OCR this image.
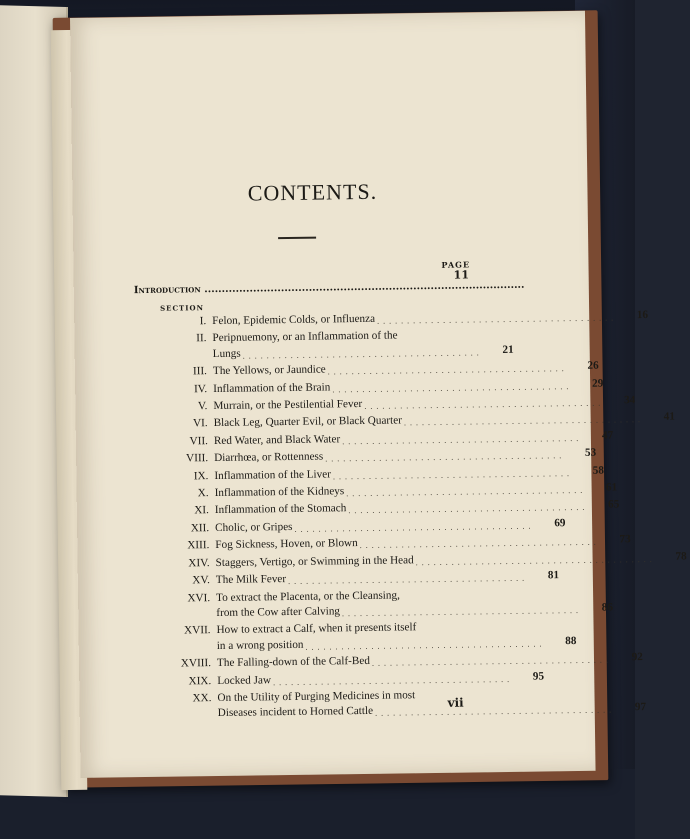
CONTENTS.
PAGE
11
Introduction ............................................................................................
SECTION
I. Felon, Epidemic Colds, or Influenza . . . . . . . . . . . . . . . . . . . . . . . . . . . . . . . . . . . . . . . .	16
II. Peripnuemony, or an Inflammation of the
Lungs . . . . . . . . . . . . . . . . . . . . . . . . . . . . . . . . . . . . . . . .	21
III. The Yellows, or Jaundice . . . . . . . . . . . . . . . . . . . . . . . . . . . . . . . . . . . . . . . .	26
IV. Inflammation of the Brain . . . . . . . . . . . . . . . . . . . . . . . . . . . . . . . . . . . . . . . .	29
V. Murrain, or the Pestilential Fever . . . . . . . . . . . . . . . . . . . . . . . . . . . . . . . . . . . . . . . .	34
VI. Black Leg, Quarter Evil, or Black Quarter . . . . . . . . . . . . . . . . . . . . . . . . . . . . . . . . . . . . . . . .	41
VII. Red Water, and Black Water . . . . . . . . . . . . . . . . . . . . . . . . . . . . . . . . . . . . . . . .	47
VIII. Diarrhœa, or Rottenness . . . . . . . . . . . . . . . . . . . . . . . . . . . . . . . . . . . . . . . .	53
IX. Inflammation of the Liver . . . . . . . . . . . . . . . . . . . . . . . . . . . . . . . . . . . . . . . .	58
X. Inflammation of the Kidneys . . . . . . . . . . . . . . . . . . . . . . . . . . . . . . . . . . . . . . . .	61
XI. Inflammation of the Stomach . . . . . . . . . . . . . . . . . . . . . . . . . . . . . . . . . . . . . . . .	65
XII. Cholic, or Gripes . . . . . . . . . . . . . . . . . . . . . . . . . . . . . . . . . . . . . . . .	69
XIII. Fog Sickness, Hoven, or Blown . . . . . . . . . . . . . . . . . . . . . . . . . . . . . . . . . . . . . . . .	73
XIV. Staggers, Vertigo, or Swimming in the Head . . . . . . . . . . . . . . . . . . . . . . . . . . . . . . . . . . . . . . . .	78
XV. The Milk Fever . . . . . . . . . . . . . . . . . . . . . . . . . . . . . . . . . . . . . . . .	81
XVI. To extract the Placenta, or the Cleansing,
from the Cow after Calving . . . . . . . . . . . . . . . . . . . . . . . . . . . . . . . . . . . . . . . .	86
XVII. How to extract a Calf, when it presents itself
in a wrong position . . . . . . . . . . . . . . . . . . . . . . . . . . . . . . . . . . . . . . . .	88
XVIII. The Falling-down of the Calf-Bed . . . . . . . . . . . . . . . . . . . . . . . . . . . . . . . . . . . . . . . .	92
XIX. Locked Jaw . . . . . . . . . . . . . . . . . . . . . . . . . . . . . . . . . . . . . . . .	95
XX. On the Utility of Purging Medicines in most
Diseases incident to Horned Cattle . . . . . . . . . . . . . . . . . . . . . . . . . . . . . . . . . . . . . . . .	97
vii
